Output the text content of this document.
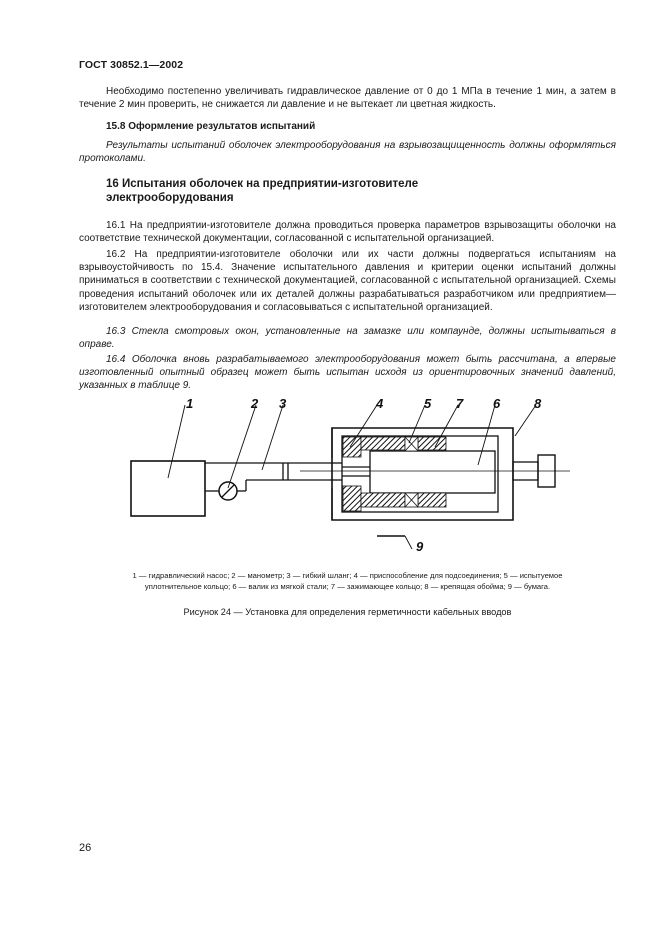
ГОСТ 30852.1—2002
Необходимо постепенно увеличивать гидравлическое давление от 0 до 1 МПа в течение 1 мин, а затем в течение 2 мин проверить, не снижается ли давление и не вытекает ли цветная жидкость.
15.8 Оформление результатов испытаний
Результаты испытаний оболочек электрооборудования на взрывозащищенность должны оформляться протоколами.
16 Испытания оболочек на предприятии-изготовителе электрооборудования
16.1 На предприятии-изготовителе должна проводиться проверка параметров взрывозащиты оболочки на соответствие технической документации, согласованной с испытательной организацией.
16.2 На предприятии-изготовителе оболочки или их части должны подвергаться испытаниям на взрывоустойчивость по 15.4. Значение испытательного давления и критерии оценки испытаний должны приниматься в соответствии с технической документацией, согласованной с испытательной организацией. Схемы проведения испытаний оболочек или их деталей должны разрабатываться разработчиком или предприятием—изготовителем электрооборудования и согласовываться с испытательной организацией.
16.3 Стекла смотровых окон, установленные на замазке или компаунде, должны испытываться в оправе.
16.4 Оболочка вновь разрабатываемого электрооборудования может быть рассчитана, а впервые изготовленный опытный образец может быть испытан исходя из ориентировочных значений давлений, указанных в таблице 9.
1	2 3	4	5 7 6	8
9
1 — гидравлический насос; 2 — манометр; 3 — гибкий шланг; 4 — приспособление для подсоединения; 5 — испытуемое
уплотнительное кольцо; 6 — валик из мягкой стали; 7 — зажимающее кольцо; 8 — крепящая обойма; 9 — бумага.
Рисунок 24 — Установка для определения герметичности кабельных вводов
26
